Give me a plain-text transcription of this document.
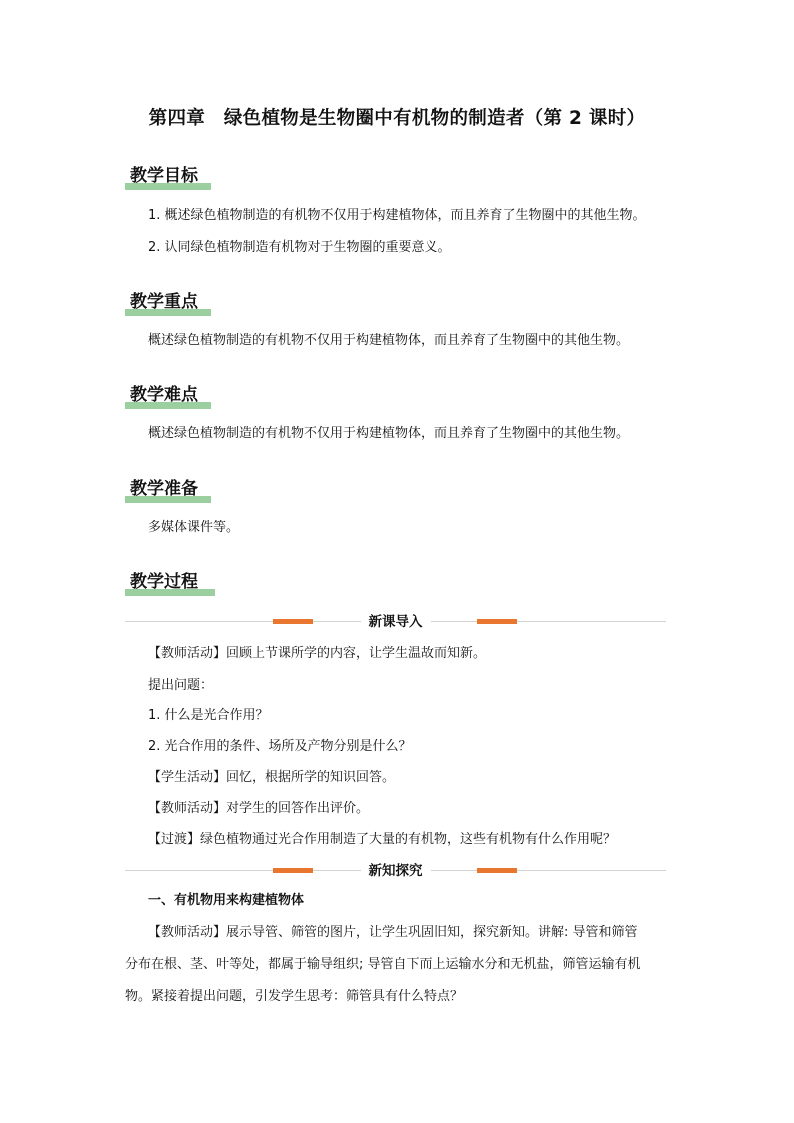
第四章　绿色植物是生物圈中有机物的制造者（第 2 课时）
教学目标
1. 概述绿色植物制造的有机物不仅用于构建植物体，而且养育了生物圈中的其他生物。
2. 认同绿色植物制造有机物对于生物圈的重要意义。
教学重点
概述绿色植物制造的有机物不仅用于构建植物体，而且养育了生物圈中的其他生物。
教学难点
概述绿色植物制造的有机物不仅用于构建植物体，而且养育了生物圈中的其他生物。
教学准备
多媒体课件等。
教学过程
新课导入
【教师活动】回顾上节课所学的内容，让学生温故而知新。
提出问题：
1. 什么是光合作用？
2. 光合作用的条件、场所及产物分别是什么？
【学生活动】回忆，根据所学的知识回答。
【教师活动】对学生的回答作出评价。
【过渡】绿色植物通过光合作用制造了大量的有机物，这些有机物有什么作用呢？
新知探究
一、有机物用来构建植物体
【教师活动】展示导管、筛管的图片，让学生巩固旧知，探究新知。讲解: 导管和筛管
分布在根、茎、叶等处，都属于输导组织; 导管自下而上运输水分和无机盐，筛管运输有机
物。紧接着提出问题，引发学生思考：筛管具有什么特点？
